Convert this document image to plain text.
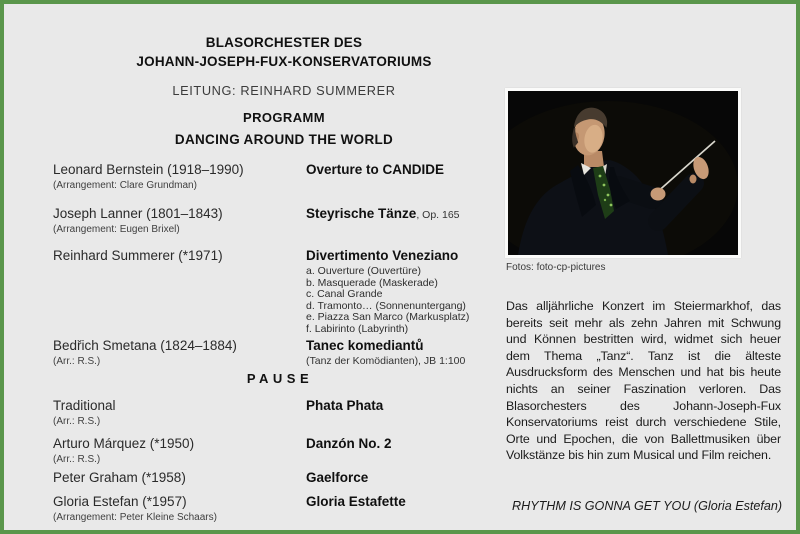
BLASORCHESTER DES
JOHANN-JOSEPH-FUX-KONSERVATORIUMS
LEITUNG: REINHARD SUMMERER
PROGRAMM
DANCING AROUND THE WORLD
Leonard Bernstein (1918–1990)
(Arrangement: Clare Grundman)
Overture to CANDIDE
Joseph Lanner (1801–1843)
(Arrangement: Eugen Brixel)
Steyrische Tänze, Op. 165
Reinhard Summerer (*1971)	Divertimento Veneziano
a. Ouverture (Ouvertüre)
b. Masquerade (Maskerade)
c. Canal Grande
d. Tramonto… (Sonnenuntergang)
e. Piazza San Marco (Markusplatz)
f. Labirinto (Labyrinth)
Bedřich Smetana (1824–1884)
(Arr.: R.S.)
Tanec komediantů
(Tanz der Komödianten), JB 1:100
PAUSE
Traditional
(Arr.: R.S.)
Phata Phata
Arturo Márquez (*1950)
(Arr.: R.S.)
Danzón No. 2
Peter Graham (*1958)	Gaelforce
Gloria Estefan (*1957)
(Arrangement: Peter Kleine Schaars)
Gloria Estafette
Fotos: foto-cp-pictures

Das alljährliche Konzert im Steiermarkhof, das bereits seit mehr als zehn Jahren mit Schwung und Können bestritten wird, widmet sich heuer dem Thema „Tanz“. Tanz ist die älteste Ausdrucksform des Menschen und hat bis heute nichts an seiner Faszination verloren. Das Blasorchesters des Johann-Joseph-Fux Konservatoriums reist durch verschiedene Stile, Orte und Epochen, die von Ballettmusiken über Volkstänze bis hin zum Musical und Film reichen.

RHYTHM IS GONNA GET YOU (Gloria Estefan)
